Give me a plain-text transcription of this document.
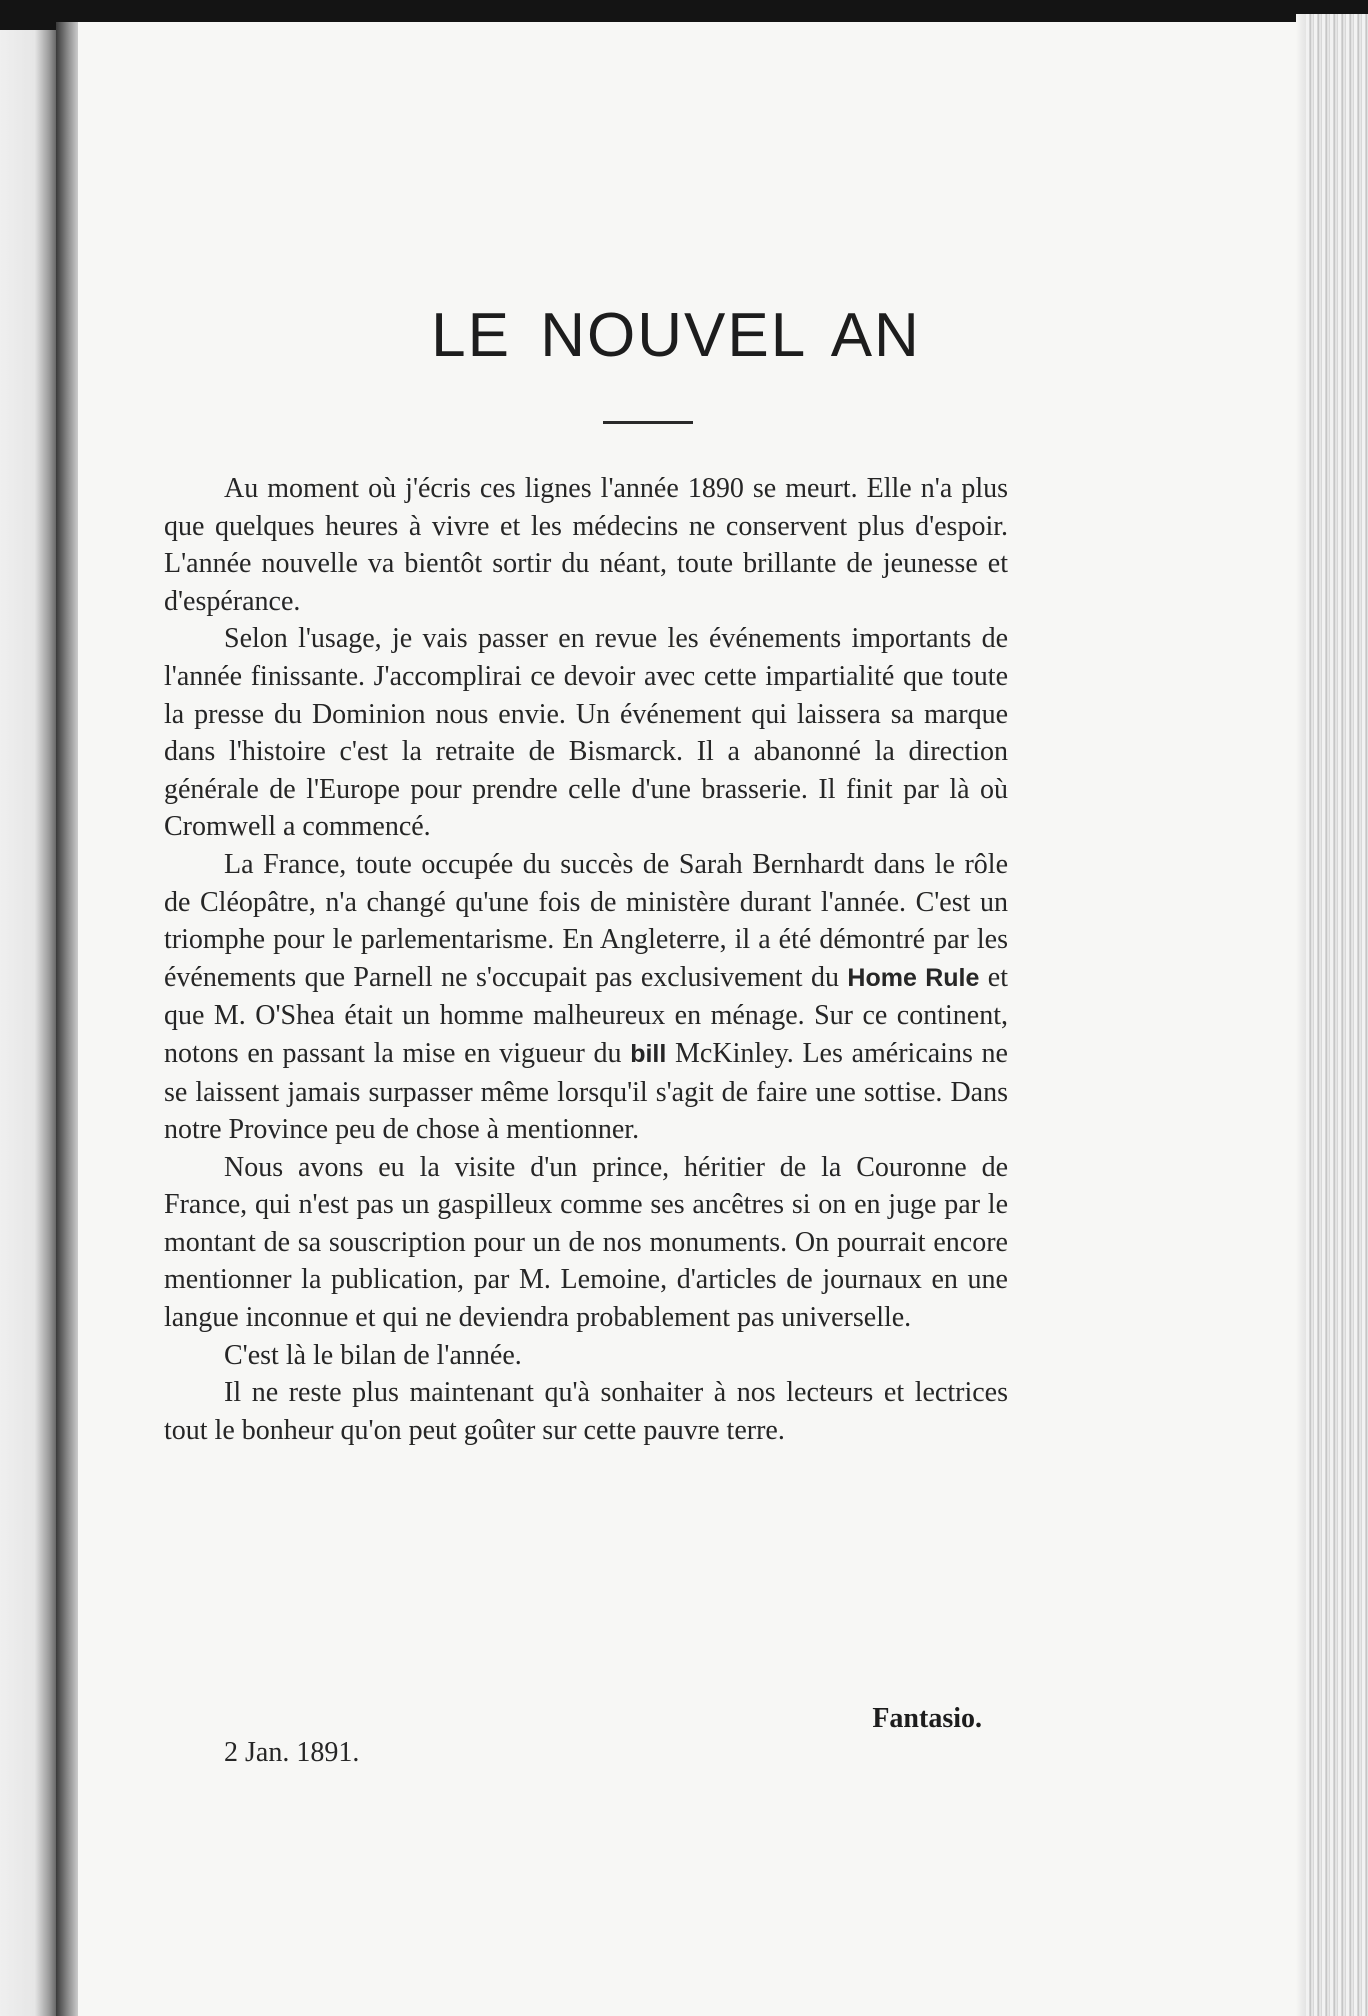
LE NOUVEL AN

Au moment où j'écris ces lignes l'année 1890 se meurt. Elle n'a plus que quelques heures à vivre et les médecins ne conservent plus d'espoir. L'année nouvelle va bientôt sortir du néant, toute brillante de jeunesse et d'espérance.

Selon l'usage, je vais passer en revue les événements importants de l'année finissante. J'accomplirai ce devoir avec cette impartialité que toute la presse du Dominion nous envie. Un événement qui laissera sa marque dans l'histoire c'est la retraite de Bismarck. Il a abanonné la direction générale de l'Europe pour prendre celle d'une brasserie. Il finit par là où Cromwell a commencé.

La France, toute occupée du succès de Sarah Bernhardt dans le rôle de Cléopâtre, n'a changé qu'une fois de ministère durant l'année. C'est un triomphe pour le parlementarisme. En Angleterre, il a été démontré par les événements que Parnell ne s'occupait pas exclusivement du Home Rule et que M. O'Shea était un homme malheureux en ménage. Sur ce continent, notons en passant la mise en vigueur du bill McKinley. Les américains ne se laissent jamais surpasser même lorsqu'il s'agit de faire une sottise. Dans notre Province peu de chose à mentionner.

Nous avons eu la visite d'un prince, héritier de la Couronne de France, qui n'est pas un gaspilleux comme ses ancêtres si on en juge par le montant de sa souscription pour un de nos monuments. On pourrait encore mentionner la publication, par M. Lemoine, d'articles de journaux en une langue inconnue et qui ne deviendra probablement pas universelle.

C'est là le bilan de l'année.

Il ne reste plus maintenant qu'à sonhaiter à nos lecteurs et lectrices tout le bonheur qu'on peut goûter sur cette pauvre terre.

Fantasio.
2 Jan. 1891.
